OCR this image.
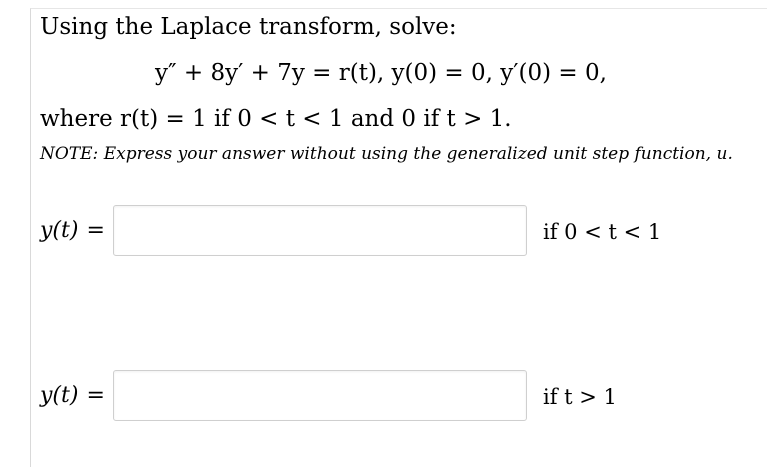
Using the Laplace transform, solve:
y″ + 8y′ + 7y = r(t), y(0) = 0, y′(0) = 0,
where r(t) = 1 if 0 < t < 1 and 0 if t > 1.
NOTE: Express your answer without using the generalized unit step function, u.
y(t) =	if 0 < t < 1
y(t) =	if t > 1
